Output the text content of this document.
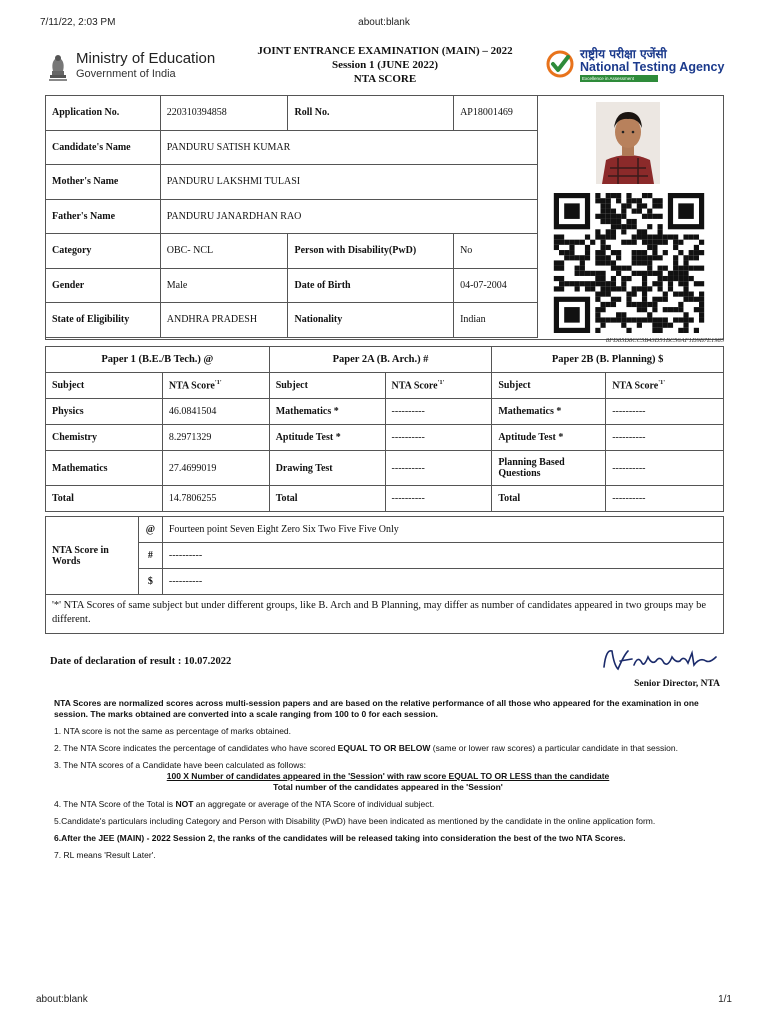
7/11/22, 2:03 PM	about:blank
Ministry of Education
Government of India
JOINT ENTRANCE EXAMINATION (MAIN) – 2022
Session 1 (JUNE 2022)
NTA SCORE
राष्ट्रीय परीक्षा एजेंसी
National Testing Agency
Excellence in Assessment
Application No.	220310394858	Roll No.	AP18001469
Candidate's Name	PANDURU SATISH KUMAR		
Mother's Name	PANDURU LAKSHMI TULASI		
Father's Name	PANDURU JANARDHAN RAO		
Category	OBC- NCL	Person with Disability(PwD)	No
Gender	Male	Date of Birth	04-07-2004
State of Eligibility	ANDHRA PRADESH	Nationality	Indian
8FD85D8CC5B43D51BC56AF1D9B7E1985
Paper 1 (B.E./B Tech.) @		Paper 2A (B. Arch.) #		Paper 2B (B. Planning) $	
Subject	NTA Score$^{'1'}$	Subject	NTA Score$^{'1'}$	Subject	NTA Score$^{'1'}$
Physics	46.0841504	Mathematics *	----------	Mathematics *	----------
Chemistry	8.2971329	Aptitude Test *	----------	Aptitude Test *	----------
Mathematics	27.4699019	Drawing Test	----------	Planning Based Questions	----------
Total	14.7806255	Total	----------	Total	----------
NTA Score in Words	@	Fourteen point Seven Eight Zero Six Two Five Five Only
	#	----------
	$	----------
'*' NTA Scores of same subject but under different groups, like B. Arch and B Planning, may differ as number of candidates appeared in two groups may be different.
Date of declaration of result : 10.07.2022
Senior Director, NTA

NTA Scores are normalized scores across multi-session papers and are based on the relative performance of all those who appeared for the examination in one session. The marks obtained are converted into a scale ranging from 100 to 0 for each session.

1. NTA score is not the same as percentage of marks obtained.

2. The NTA Score indicates the percentage of candidates who have scored EQUAL TO OR BELOW (same or lower raw scores) a particular candidate in that session.

3. The NTA scores of a Candidate have been calculated as follows:

100 X Number of candidates appeared in the 'Session' with raw score EQUAL TO OR LESS than the candidate
Total number of the candidates appeared in the 'Session'

4. The NTA Score of the Total is NOT an aggregate or average of the NTA Score of individual subject.

5.Candidate's particulars including Category and Person with Disability (PwD) have been indicated as mentioned by the candidate in the online application form.

6.After the JEE (MAIN) - 2022 Session 2, the ranks of the candidates will be released taking into consideration the best of the two NTA Scores.

7. RL means 'Result Later'.

about:blank	1/1
